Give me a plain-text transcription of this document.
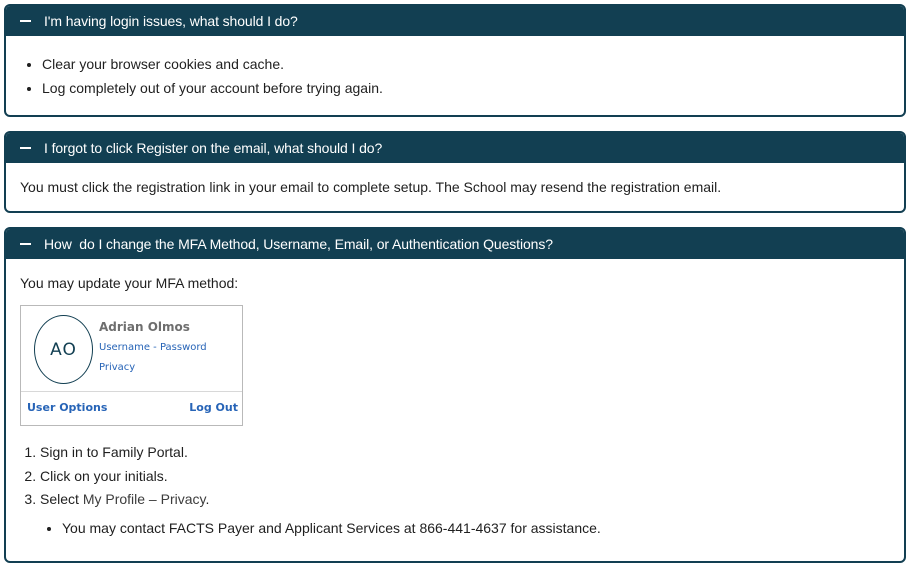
I'm having login issues, what should I do?
• Clear your browser cookies and cache.
• Log completely out of your account before trying again.
I forgot to click Register on the email, what should I do?

You must click the registration link in your email to complete setup. The School may resend the registration email.

How  do I change the MFA Method, Username, Email, or Authentication Questions?

You may update your MFA method:

AO
Adrian Olmos
Username - Password
Privacy
User Options	Log Out
1. Sign in to Family Portal.
2. Click on your initials.
3. Select My Profile – Privacy.
• You may contact FACTS Payer and Applicant Services at 866-441-4637 for assistance.
